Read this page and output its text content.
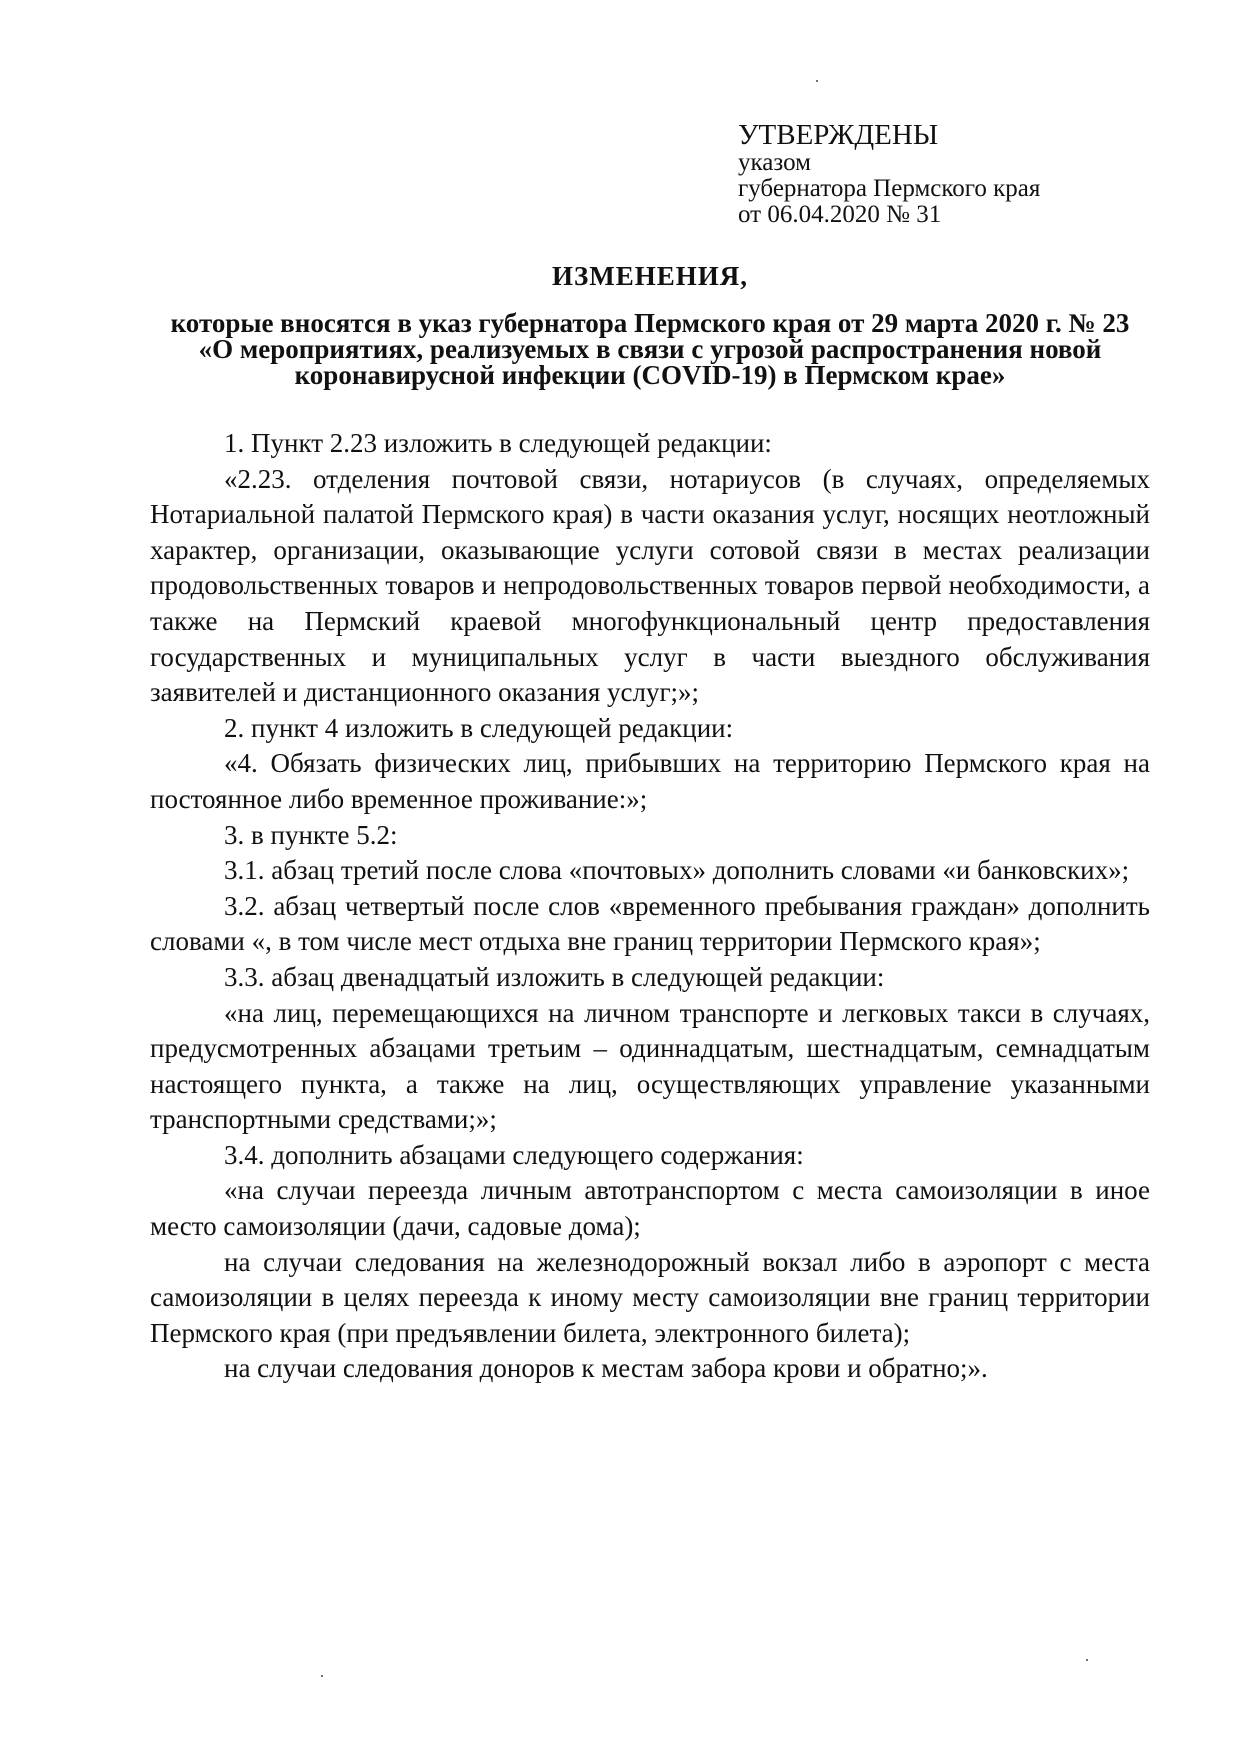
УТВЕРЖДЕНЫ
указом
губернатора Пермского края
от 06.04.2020 № 31
ИЗМЕНЕНИЯ,
которые вносятся в указ губернатора Пермского края от 29 марта 2020 г. № 23 «О мероприятиях, реализуемых в связи с угрозой распространения новой коронавирусной инфекции (COVID-19) в Пермском крае»

1. Пункт 2.23 изложить в следующей редакции:

«2.23. отделения почтовой связи, нотариусов (в случаях, определяемых Нотариальной палатой Пермского края) в части оказания услуг, носящих неотложный характер, организации, оказывающие услуги сотовой связи в местах реализации продовольственных товаров и непродовольственных товаров первой необходимости, а также на Пермский краевой многофункциональный центр предоставления государственных и муниципальных услуг в части выездного обслуживания заявителей и дистанционного оказания услуг;»;

2. пункт 4 изложить в следующей редакции:

«4. Обязать физических лиц, прибывших на территорию Пермского края на постоянное либо временное проживание:»;

3. в пункте 5.2:

3.1. абзац третий после слова «почтовых» дополнить словами «и банковских»;

3.2. абзац четвертый после слов «временного пребывания граждан» дополнить словами «, в том числе мест отдыха вне границ территории Пермского края»;

3.3. абзац двенадцатый изложить в следующей редакции:

«на лиц, перемещающихся на личном транспорте и легковых такси в случаях, предусмотренных абзацами третьим – одиннадцатым, шестнадцатым, семнадцатым настоящего пункта, а также на лиц, осуществляющих управление указанными транспортными средствами;»;

3.4. дополнить абзацами следующего содержания:

«на случаи переезда личным автотранспортом с места самоизоляции в иное место самоизоляции (дачи, садовые дома);

на случаи следования на железнодорожный вокзал либо в аэропорт с места самоизоляции в целях переезда к иному месту самоизоляции вне границ территории Пермского края (при предъявлении билета, электронного билета);

на случаи следования доноров к местам забора крови и обратно;».
